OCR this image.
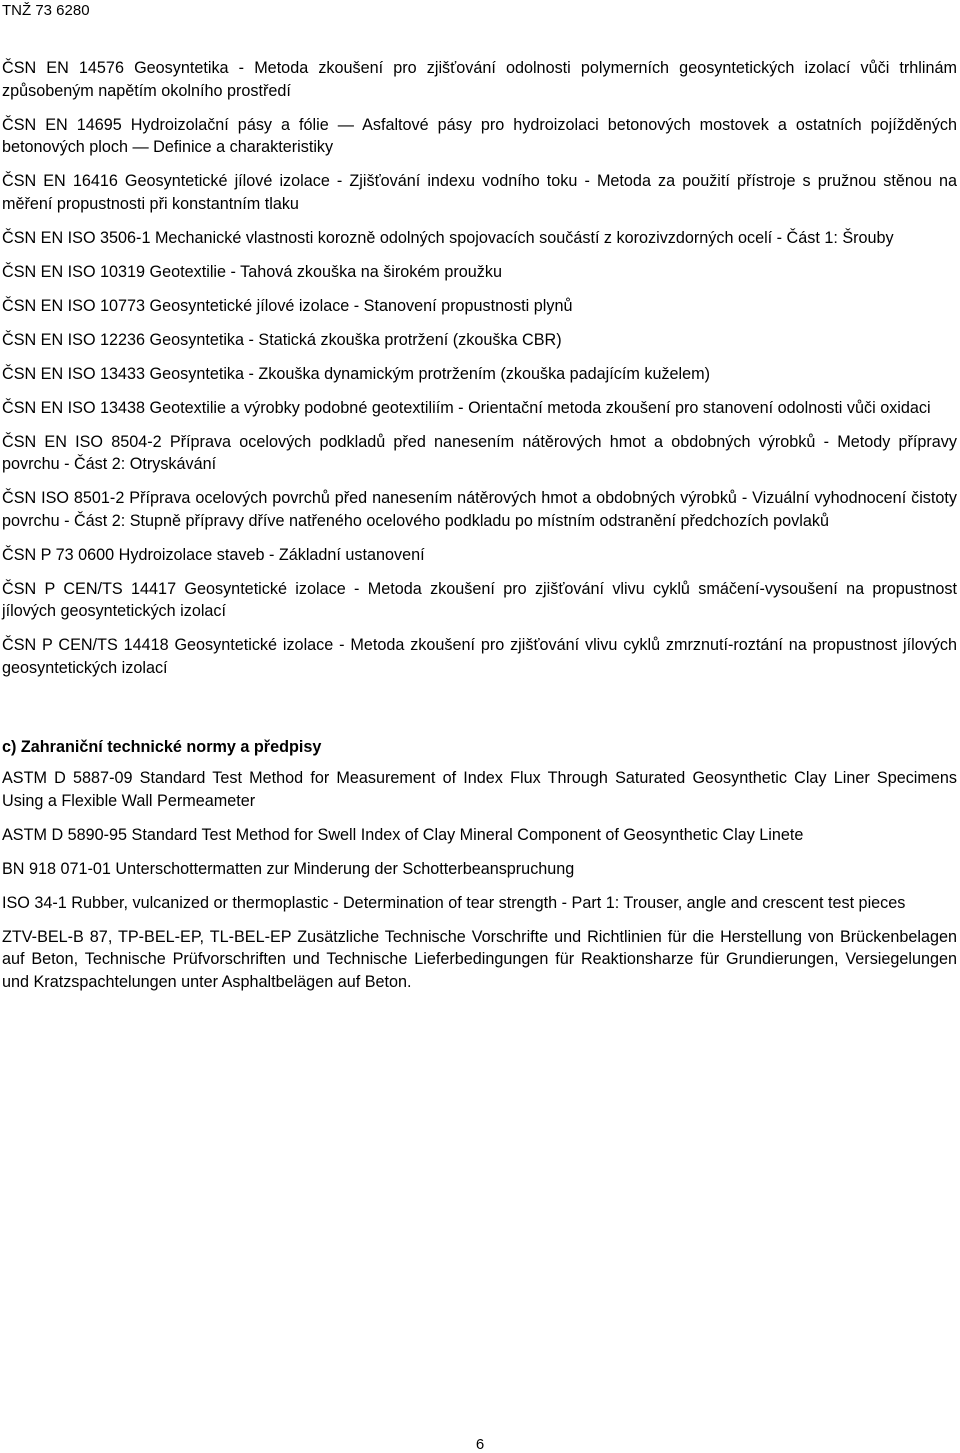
TNŽ 73 6280

ČSN EN 14576 Geosyntetika - Metoda zkoušení pro zjišťování odolnosti polymerních geosyntetických izolací vůči trhlinám způsobeným napětím okolního prostředí

ČSN EN 14695 Hydroizolační pásy a fólie — Asfaltové pásy pro hydroizolaci betonových mostovek a ostatních pojížděných betonových ploch — Definice a charakteristiky

ČSN EN 16416 Geosyntetické jílové izolace - Zjišťování indexu vodního toku - Metoda za použití přístroje s pružnou stěnou na měření propustnosti při konstantním tlaku

ČSN EN ISO 3506-1 Mechanické vlastnosti korozně odolných spojovacích součástí z korozivzdorných ocelí - Část 1: Šrouby

ČSN EN ISO 10319 Geotextilie - Tahová zkouška na širokém proužku

ČSN EN ISO 10773 Geosyntetické jílové izolace - Stanovení propustnosti plynů

ČSN EN ISO 12236 Geosyntetika - Statická zkouška protržení (zkouška CBR)

ČSN EN ISO 13433 Geosyntetika - Zkouška dynamickým protržením (zkouška padajícím kuželem)

ČSN EN ISO 13438 Geotextilie a výrobky podobné geotextiliím - Orientační metoda zkoušení pro stanovení odolnosti vůči oxidaci

ČSN EN ISO 8504-2 Příprava ocelových podkladů před nanesením nátěrových hmot a obdobných výrobků - Metody přípravy povrchu - Část 2: Otryskávání

ČSN ISO 8501-2 Příprava ocelových povrchů před nanesením nátěrových hmot a obdobných výrobků - Vizuální vyhodnocení čistoty povrchu - Část 2: Stupně přípravy dříve natřeného ocelového podkladu po místním odstranění předchozích povlaků

ČSN P 73 0600 Hydroizolace staveb - Základní ustanovení

ČSN P CEN/TS 14417 Geosyntetické izolace - Metoda zkoušení pro zjišťování vlivu cyklů smáčení-vysoušení na propustnost jílových geosyntetických izolací

ČSN P CEN/TS 14418 Geosyntetické izolace - Metoda zkoušení pro zjišťování vlivu cyklů zmrznutí-roztání na propustnost jílových geosyntetických izolací

c) Zahraniční technické normy a předpisy

ASTM D 5887-09 Standard Test Method for Measurement of Index Flux Through Saturated Geosynthetic Clay Liner Specimens Using a Flexible Wall Permeameter

ASTM D 5890-95 Standard Test Method for Swell Index of Clay Mineral Component of Geosynthetic Clay Linete

BN 918 071-01 Unterschottermatten zur Minderung der Schotterbeanspruchung

ISO 34-1 Rubber, vulcanized or thermoplastic - Determination of tear strength - Part 1: Trouser, angle and crescent test pieces

ZTV-BEL-B 87, TP-BEL-EP, TL-BEL-EP Zusätzliche Technische Vorschrifte und Richtlinien für die Herstellung von Brückenbelagen auf Beton, Technische Prüfvorschriften und Technische Lieferbedingungen für Reaktionsharze für Grundierungen, Versiegelungen und Kratzspachtelungen unter Asphaltbelägen auf Beton.

6
